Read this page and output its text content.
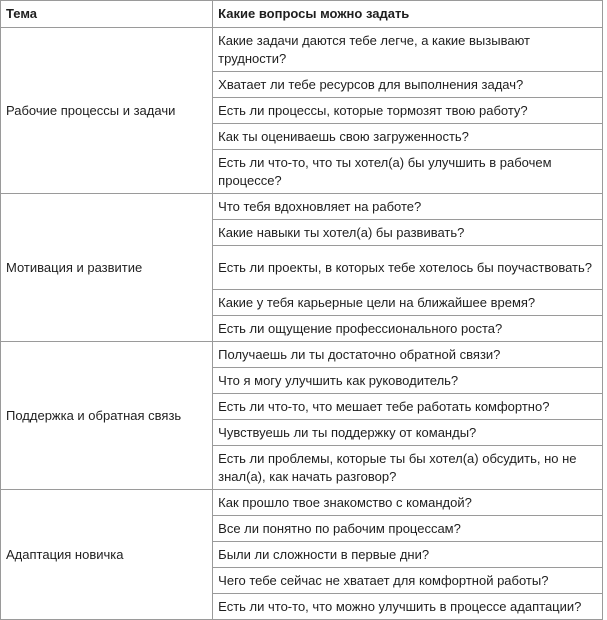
Тема	Какие вопросы можно задать
Рабочие процессы и задачи	Какие задачи даются тебе легче, а какие вызывают трудности?
	Хватает ли тебе ресурсов для выполнения задач?
	Есть ли процессы, которые тормозят твою работу?
	Как ты оцениваешь свою загруженность?
	Есть ли что-то, что ты хотел(а) бы улучшить в рабочем процессе?
Мотивация и развитие	Что тебя вдохновляет на работе?
	Какие навыки ты хотел(а) бы развивать?
	Есть ли проекты, в которых тебе хотелось бы поучаствовать?
	Какие у тебя карьерные цели на ближайшее время?
	Есть ли ощущение профессионального роста?
Поддержка и обратная связь	Получаешь ли ты достаточно обратной связи?
	Что я могу улучшить как руководитель?
	Есть ли что-то, что мешает тебе работать комфортно?
	Чувствуешь ли ты поддержку от команды?
	Есть ли проблемы, которые ты бы хотел(а) обсудить, но не знал(а), как начать разговор?
Адаптация новичка	Как прошло твое знакомство с командой?
	Все ли понятно по рабочим процессам?
	Были ли сложности в первые дни?
	Чего тебе сейчас не хватает для комфортной работы?
	Есть ли что-то, что можно улучшить в процессе адаптации?
